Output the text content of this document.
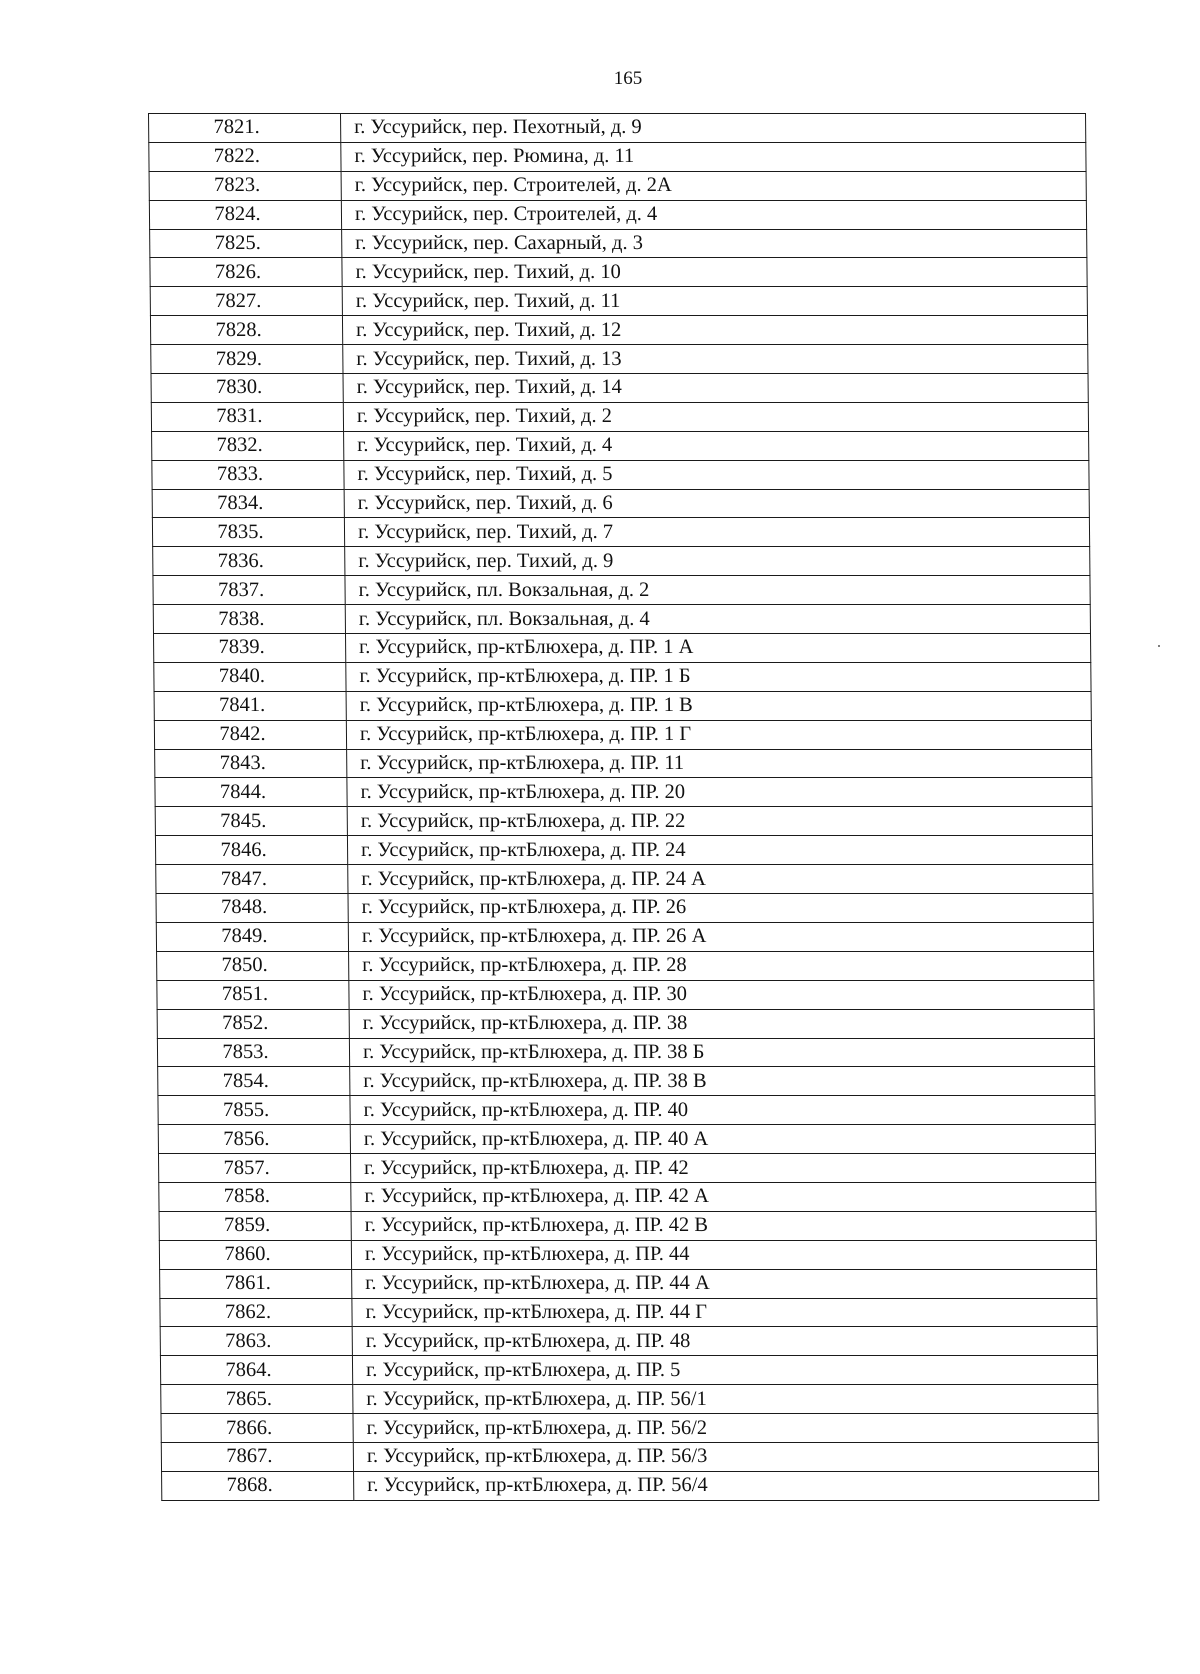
165
7821.	г. Уссурийск, пер. Пехотный, д. 9
7822.	г. Уссурийск, пер. Рюмина, д. 11
7823.	г. Уссурийск, пер. Строителей, д. 2А
7824.	г. Уссурийск, пер. Строителей, д. 4
7825.	г. Уссурийск, пер. Сахарный, д. 3
7826.	г. Уссурийск, пер. Тихий, д. 10
7827.	г. Уссурийск, пер. Тихий, д. 11
7828.	г. Уссурийск, пер. Тихий, д. 12
7829.	г. Уссурийск, пер. Тихий, д. 13
7830.	г. Уссурийск, пер. Тихий, д. 14
7831.	г. Уссурийск, пер. Тихий, д. 2
7832.	г. Уссурийск, пер. Тихий, д. 4
7833.	г. Уссурийск, пер. Тихий, д. 5
7834.	г. Уссурийск, пер. Тихий, д. 6
7835.	г. Уссурийск, пер. Тихий, д. 7
7836.	г. Уссурийск, пер. Тихий, д. 9
7837.	г. Уссурийск, пл. Вокзальная, д. 2
7838.	г. Уссурийск, пл. Вокзальная, д. 4
7839.	г. Уссурийск, пр-ктБлюхера, д. ПР. 1 А
7840.	г. Уссурийск, пр-ктБлюхера, д. ПР. 1 Б
7841.	г. Уссурийск, пр-ктБлюхера, д. ПР. 1 В
7842.	г. Уссурийск, пр-ктБлюхера, д. ПР. 1 Г
7843.	г. Уссурийск, пр-ктБлюхера, д. ПР. 11
7844.	г. Уссурийск, пр-ктБлюхера, д. ПР. 20
7845.	г. Уссурийск, пр-ктБлюхера, д. ПР. 22
7846.	г. Уссурийск, пр-ктБлюхера, д. ПР. 24
7847.	г. Уссурийск, пр-ктБлюхера, д. ПР. 24 А
7848.	г. Уссурийск, пр-ктБлюхера, д. ПР. 26
7849.	г. Уссурийск, пр-ктБлюхера, д. ПР. 26 А
7850.	г. Уссурийск, пр-ктБлюхера, д. ПР. 28
7851.	г. Уссурийск, пр-ктБлюхера, д. ПР. 30
7852.	г. Уссурийск, пр-ктБлюхера, д. ПР. 38
7853.	г. Уссурийск, пр-ктБлюхера, д. ПР. 38 Б
7854.	г. Уссурийск, пр-ктБлюхера, д. ПР. 38 В
7855.	г. Уссурийск, пр-ктБлюхера, д. ПР. 40
7856.	г. Уссурийск, пр-ктБлюхера, д. ПР. 40 А
7857.	г. Уссурийск, пр-ктБлюхера, д. ПР. 42
7858.	г. Уссурийск, пр-ктБлюхера, д. ПР. 42 А
7859.	г. Уссурийск, пр-ктБлюхера, д. ПР. 42 В
7860.	г. Уссурийск, пр-ктБлюхера, д. ПР. 44
7861.	г. Уссурийск, пр-ктБлюхера, д. ПР. 44 А
7862.	г. Уссурийск, пр-ктБлюхера, д. ПР. 44 Г
7863.	г. Уссурийск, пр-ктБлюхера, д. ПР. 48
7864.	г. Уссурийск, пр-ктБлюхера, д. ПР. 5
7865.	г. Уссурийск, пр-ктБлюхера, д. ПР. 56/1
7866.	г. Уссурийск, пр-ктБлюхера, д. ПР. 56/2
7867.	г. Уссурийск, пр-ктБлюхера, д. ПР. 56/3
7868.	г. Уссурийск, пр-ктБлюхера, д. ПР. 56/4
